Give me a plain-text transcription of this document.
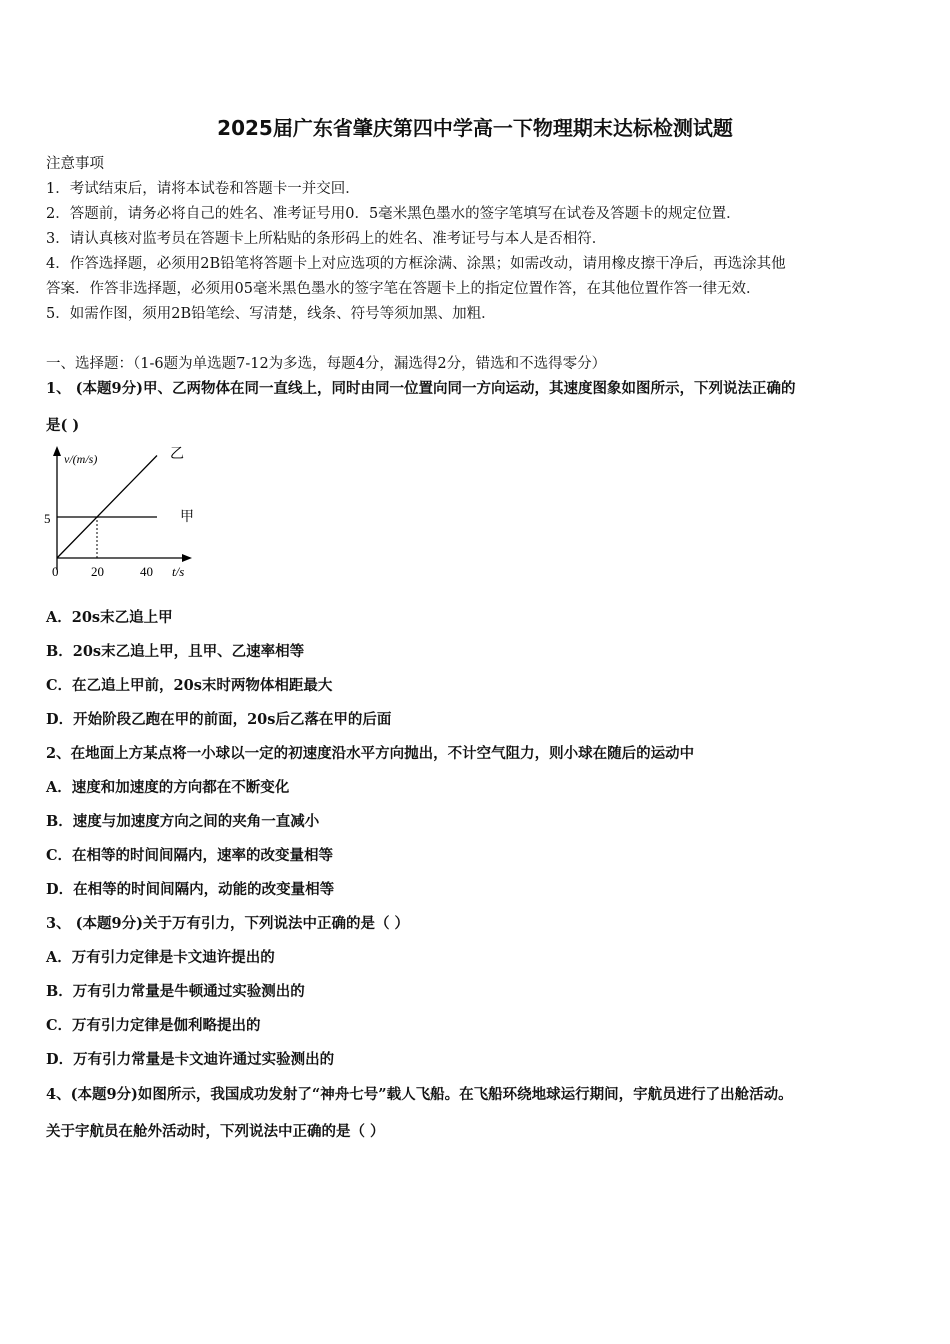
2025届广东省肇庆第四中学高一下物理期末达标检测试题
注意事项
1．考试结束后，请将本试卷和答题卡一并交回．
2．答题前，请务必将自己的姓名、准考证号用0．5毫米黑色墨水的签字笔填写在试卷及答题卡的规定位置．
3．请认真核对监考员在答题卡上所粘贴的条形码上的姓名、准考证号与本人是否相符．
4．作答选择题，必须用2B铅笔将答题卡上对应选项的方框涂满、涂黑；如需改动，请用橡皮擦干净后，再选涂其他
答案．作答非选择题，必须用05毫米黑色墨水的签字笔在答题卡上的指定位置作答，在其他位置作答一律无效．
5．如需作图，须用2B铅笔绘、写清楚，线条、符号等须加黑、加粗．
一、选择题：（1-6题为单选题7-12为多选，每题4分，漏选得2分，错选和不选得零分）
1、 (本题9分)甲、乙两物体在同一直线上，同时由同一位置向同一方向运动，其速度图象如图所示，下列说法正确的
是( )
v/(m/s)
t/s
0	20	40
5	甲
乙
A．20s末乙追上甲
B．20s末乙追上甲，且甲、乙速率相等
C．在乙追上甲前，20s末时两物体相距最大
D．开始阶段乙跑在甲的前面，20s后乙落在甲的后面
2、在地面上方某点将一小球以一定的初速度沿水平方向抛出，不计空气阻力，则小球在随后的运动中
A．速度和加速度的方向都在不断变化
B．速度与加速度方向之间的夹角一直减小
C．在相等的时间间隔内，速率的改变量相等
D．在相等的时间间隔内，动能的改变量相等
3、 (本题9分)关于万有引力，下列说法中正确的是（ ）
A．万有引力定律是卡文迪许提出的
B．万有引力常量是牛顿通过实验测出的
C．万有引力定律是伽利略提出的
D．万有引力常量是卡文迪许通过实验测出的
4、(本题9分)如图所示，我国成功发射了“神舟七号”载人飞船。在飞船环绕地球运行期间，宇航员进行了出舱活动。
关于宇航员在舱外活动时，下列说法中正确的是（ ）
